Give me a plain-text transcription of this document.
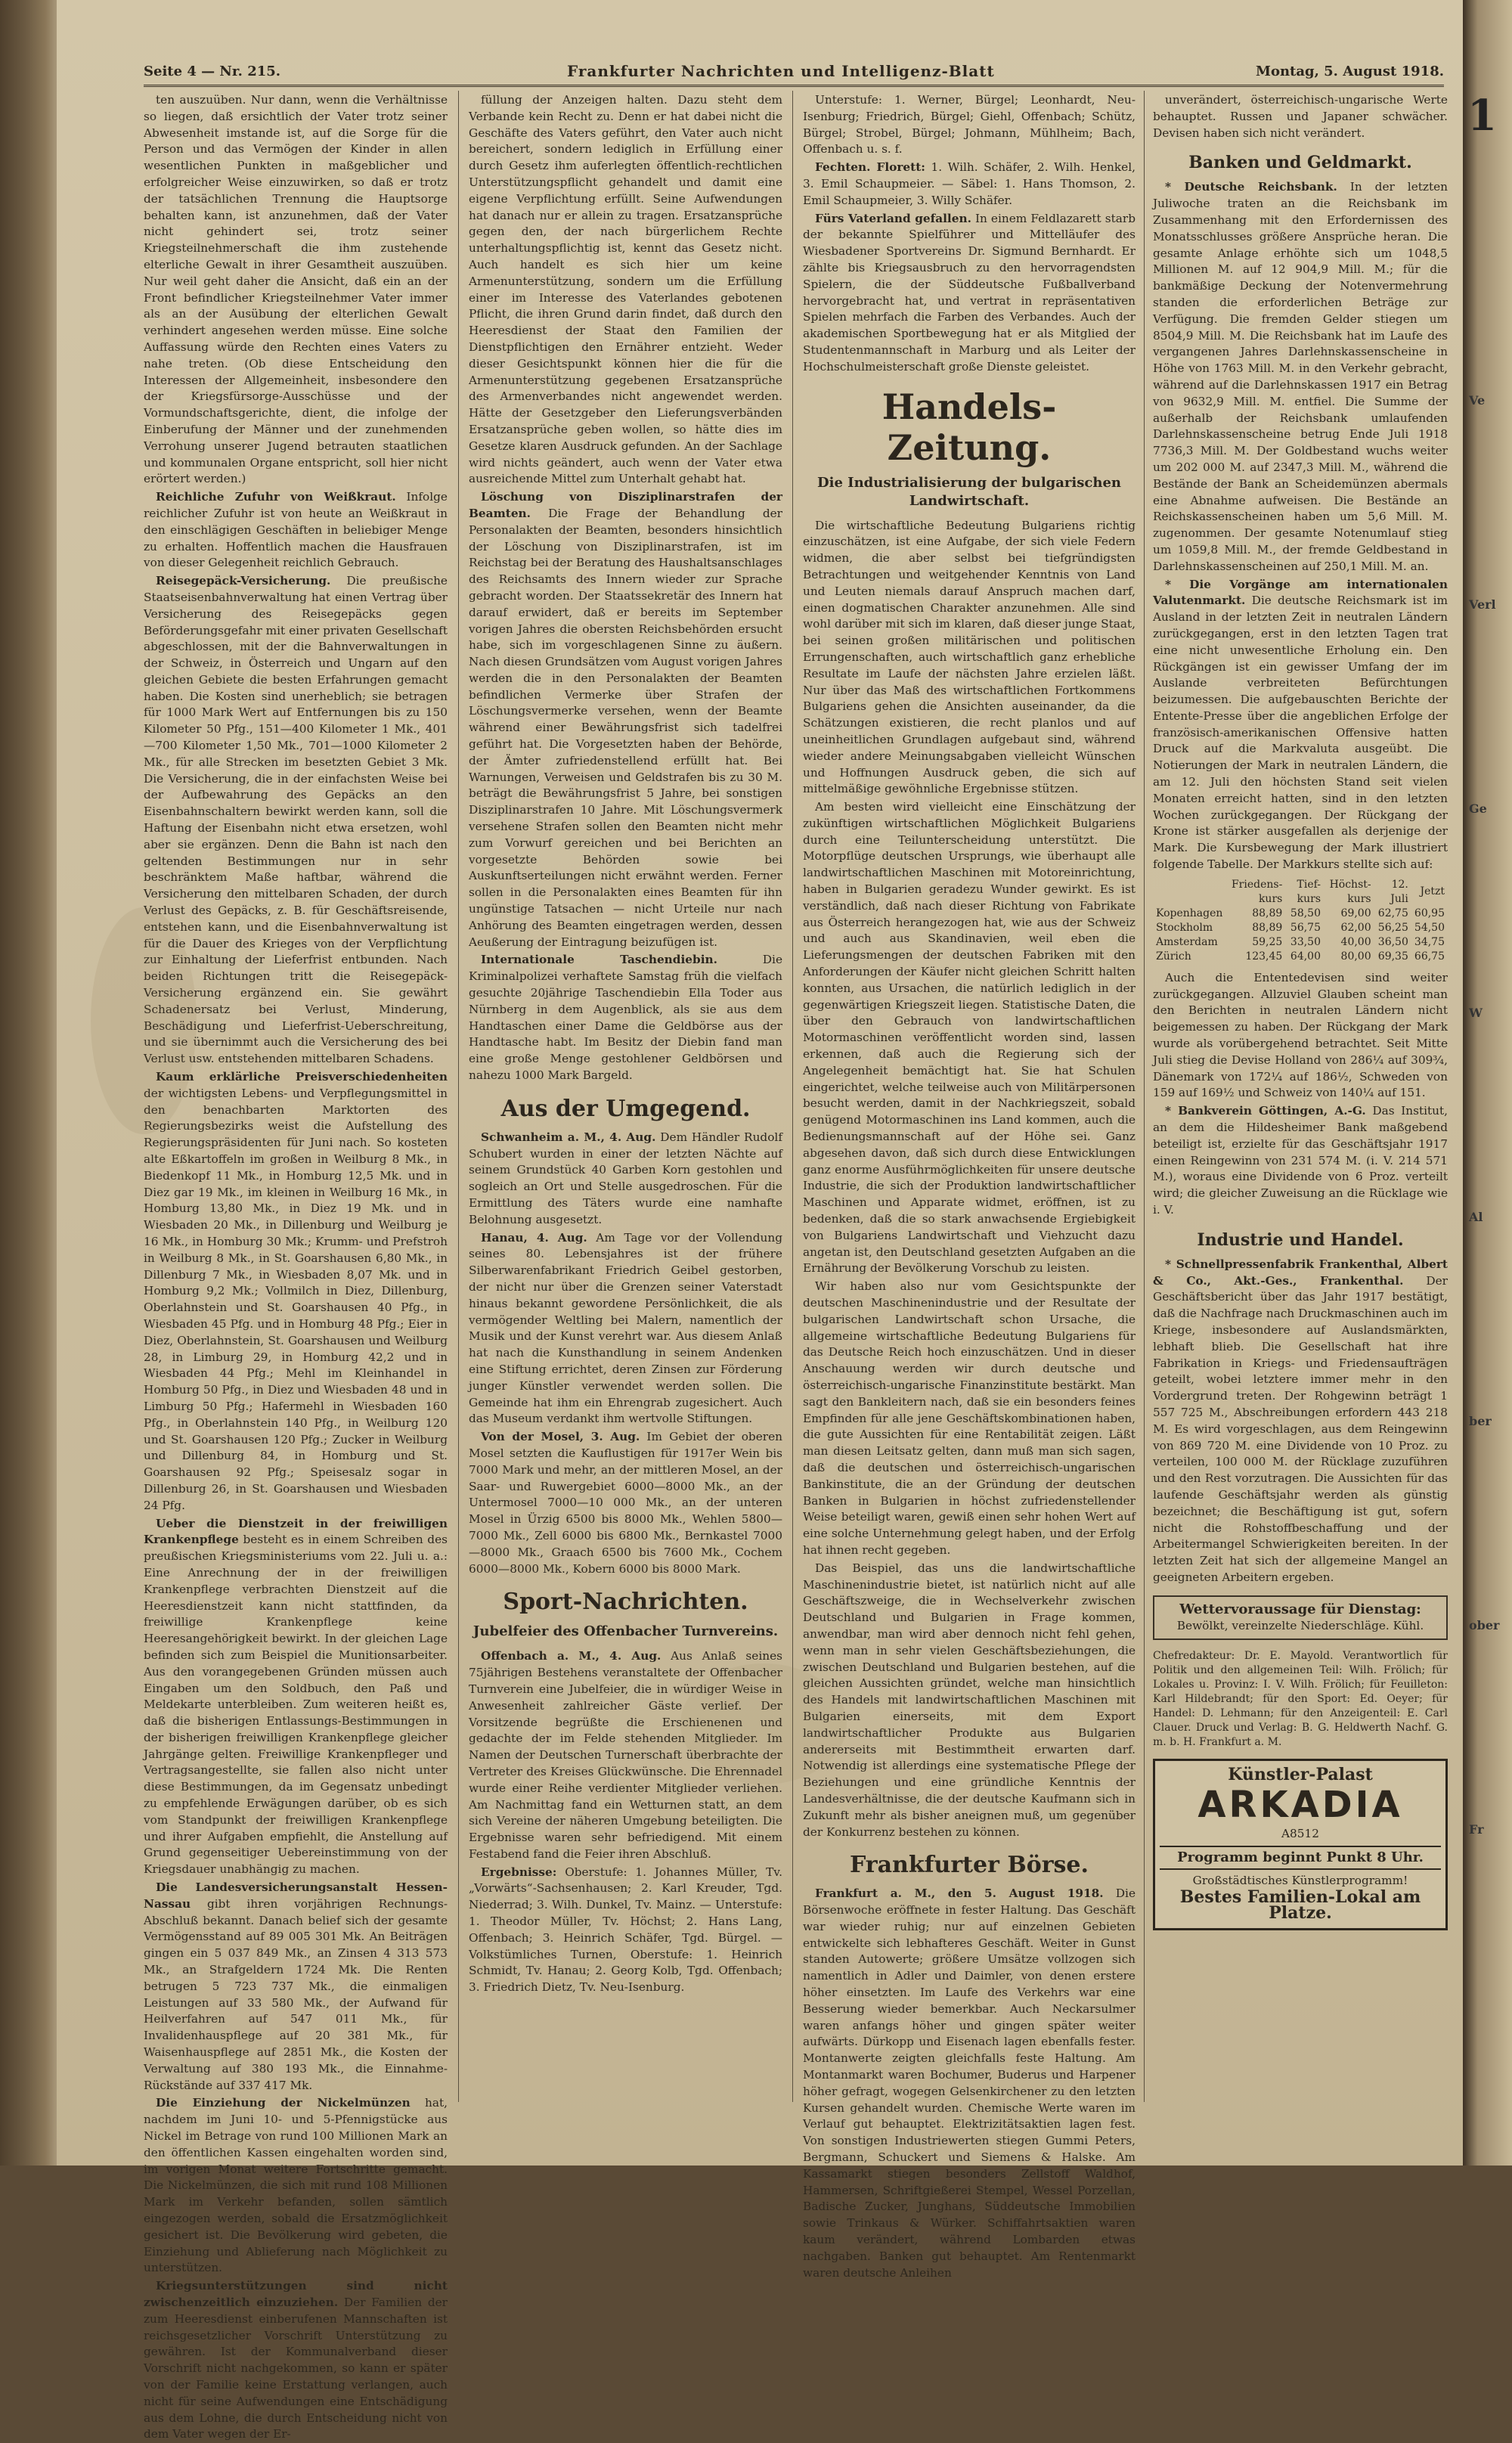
1
Ve
Verl
Ge
W
Al
ber
ober
Fr
Seite 4 — Nr. 215.	Frankfurter Nachrichten und Intelligenz-Blatt	Montag, 5. August 1918.

ten auszuüben. Nur dann, wenn die Verhältnisse so liegen, daß ersichtlich der Vater trotz seiner Abwesenheit imstande ist, auf die Sorge für die Person und das Vermögen der Kinder in allen wesentlichen Punkten in maßgeblicher und erfolgreicher Weise einzuwirken, so daß er trotz der tatsächlichen Trennung die Hauptsorge behalten kann, ist anzunehmen, daß der Vater nicht gehindert sei, trotz seiner Kriegsteilnehmerschaft die ihm zustehende elterliche Gewalt in ihrer Gesamtheit auszuüben. Nur weil geht daher die Ansicht, daß ein an der Front befindlicher Kriegsteilnehmer Vater immer als an der Ausübung der elterlichen Gewalt verhindert angesehen werden müsse. Eine solche Auffassung würde den Rechten eines Vaters zu nahe treten. (Ob diese Entscheidung den Interessen der Allgemeinheit, insbesondere den der Kriegsfürsorge-Ausschüsse und der Vormundschaftsgerichte, dient, die infolge der Einberufung der Männer und der zunehmenden Verrohung unserer Jugend betrauten staatlichen und kommunalen Organe entspricht, soll hier nicht erörtert werden.)

Reichliche Zufuhr von Weißkraut. Infolge reichlicher Zufuhr ist von heute an Weißkraut in den einschlägigen Geschäften in beliebiger Menge zu erhalten. Hoffentlich machen die Hausfrauen von dieser Gelegenheit reichlich Gebrauch.

Reisegepäck-Versicherung. Die preußische Staatseisenbahnverwaltung hat einen Vertrag über Versicherung des Reisegepäcks gegen Beförderungsgefahr mit einer privaten Gesellschaft abgeschlossen, mit der die Bahnverwaltungen in der Schweiz, in Österreich und Ungarn auf den gleichen Gebiete die besten Erfahrungen gemacht haben. Die Kosten sind unerheblich; sie betragen für 1000 Mark Wert auf Entfernungen bis zu 150 Kilometer 50 Pfg., 151—400 Kilometer 1 Mk., 401—700 Kilometer 1,50 Mk., 701—1000 Kilometer 2 Mk., für alle Strecken im besetzten Gebiet 3 Mk. Die Versicherung, die in der einfachsten Weise bei der Aufbewahrung des Gepäcks an den Eisenbahnschaltern bewirkt werden kann, soll die Haftung der Eisenbahn nicht etwa ersetzen, wohl aber sie ergänzen. Denn die Bahn ist nach den geltenden Bestimmungen nur in sehr beschränktem Maße haftbar, während die Versicherung den mittelbaren Schaden, der durch Verlust des Gepäcks, z. B. für Geschäftsreisende, entstehen kann, und die Eisenbahnverwaltung ist für die Dauer des Krieges von der Verpflichtung zur Einhaltung der Lieferfrist entbunden. Nach beiden Richtungen tritt die Reisegepäck-Versicherung ergänzend ein. Sie gewährt Schadenersatz bei Verlust, Minderung, Beschädigung und Lieferfrist-Ueberschreitung, und sie übernimmt auch die Versicherung des bei Verlust usw. entstehenden mittelbaren Schadens.

Kaum erklärliche Preisverschiedenheiten der wichtigsten Lebens- und Verpflegungsmittel in den benachbarten Marktorten des Regierungsbezirks weist die Aufstellung des Regierungspräsidenten für Juni nach. So kosteten alte Eßkartoffeln im großen in Weilburg 8 Mk., in Biedenkopf 11 Mk., in Homburg 12,5 Mk. und in Diez gar 19 Mk., im kleinen in Weilburg 16 Mk., in Homburg 13,80 Mk., in Diez 19 Mk. und in Wiesbaden 20 Mk., in Dillenburg und Weilburg je 16 Mk., in Homburg 30 Mk.; Krumm- und Prefstroh in Weilburg 8 Mk., in St. Goarshausen 6,80 Mk., in Dillenburg 7 Mk., in Wiesbaden 8,07 Mk. und in Homburg 9,2 Mk.; Vollmilch in Diez, Dillenburg, Oberlahnstein und St. Goarshausen 40 Pfg., in Wiesbaden 45 Pfg. und in Homburg 48 Pfg.; Eier in Diez, Oberlahnstein, St. Goarshausen und Weilburg 28, in Limburg 29, in Homburg 42,2 und in Wiesbaden 44 Pfg.; Mehl im Kleinhandel in Homburg 50 Pfg., in Diez und Wiesbaden 48 und in Limburg 50 Pfg.; Hafermehl in Wiesbaden 160 Pfg., in Oberlahnstein 140 Pfg., in Weilburg 120 und St. Goarshausen 120 Pfg.; Zucker in Weilburg und Dillenburg 84, in Homburg und St. Goarshausen 92 Pfg.; Speisesalz sogar in Dillenburg 26, in St. Goarshausen und Wiesbaden 24 Pfg.

Ueber die Dienstzeit in der freiwilligen Krankenpflege besteht es in einem Schreiben des preußischen Kriegsministeriums vom 22. Juli u. a.: Eine Anrechnung der in der freiwilligen Krankenpflege verbrachten Dienstzeit auf die Heeresdienstzeit kann nicht stattfinden, da freiwillige Krankenpflege keine Heeresangehörigkeit bewirkt. In der gleichen Lage befinden sich zum Beispiel die Munitionsarbeiter. Aus den vorangegebenen Gründen müssen auch Eingaben um den Soldbuch, den Paß und Meldekarte unterbleiben. Zum weiteren heißt es, daß die bisherigen Entlassungs-Bestimmungen in der bisherigen freiwilligen Krankenpflege gleicher Jahrgänge gelten. Freiwillige Krankenpfleger und Vertragsangestellte, sie fallen also nicht unter diese Bestimmungen, da im Gegensatz unbedingt zu empfehlende Erwägungen darüber, ob es sich vom Standpunkt der freiwilligen Krankenpflege und ihrer Aufgaben empfiehlt, die Anstellung auf Grund gegenseitiger Uebereinstimmung von der Kriegsdauer unabhängig zu machen.

Die Landesversicherungsanstalt Hessen-Nassau gibt ihren vorjährigen Rechnungs-Abschluß bekannt. Danach belief sich der gesamte Vermögensstand auf 89 005 301 Mk. An Beiträgen gingen ein 5 037 849 Mk., an Zinsen 4 313 573 Mk., an Strafgeldern 1724 Mk. Die Renten betrugen 5 723 737 Mk., die einmaligen Leistungen auf 33 580 Mk., der Aufwand für Heilverfahren auf 547 011 Mk., für Invalidenhauspflege auf 20 381 Mk., für Waisenhauspflege auf 2851 Mk., die Kosten der Verwaltung auf 380 193 Mk., die Einnahme-Rückstände auf 337 417 Mk.

Die Einziehung der Nickelmünzen hat, nachdem im Juni 10- und 5-Pfennigstücke aus Nickel im Betrage von rund 100 Millionen Mark an den öffentlichen Kassen eingehalten worden sind, im vorigen Monat weitere Fortschritte gemacht. Die Nickelmünzen, die sich mit rund 108 Millionen Mark im Verkehr befanden, sollen sämtlich eingezogen werden, sobald die Ersatzmöglichkeit gesichert ist. Die Bevölkerung wird gebeten, die Einziehung und Ablieferung nach Möglichkeit zu unterstützen.

Kriegsunterstützungen sind nicht zwischenzeitlich einzuziehen. Der Familien der zum Heeresdienst einberufenen Mannschaften ist reichsgesetzlicher Vorschrift Unterstützung zu gewähren. Ist der Kommunalverband dieser Vorschrift nicht nachgekommen, so kann er später von der Familie keine Erstattung verlangen, auch nicht für seine Aufwendungen eine Entschädigung aus dem Lohne, die durch Entscheidung nicht von dem Vater wegen der Er-

füllung der Anzeigen halten. Dazu steht dem Verbande kein Recht zu. Denn er hat dabei nicht die Geschäfte des Vaters geführt, den Vater auch nicht bereichert, sondern lediglich in Erfüllung einer durch Gesetz ihm auferlegten öffentlich-rechtlichen Unterstützungspflicht gehandelt und damit eine eigene Verpflichtung erfüllt. Seine Aufwendungen hat danach nur er allein zu tragen. Ersatzansprüche gegen den, der nach bürgerlichem Rechte unterhaltungspflichtig ist, kennt das Gesetz nicht. Auch handelt es sich hier um keine Armenunterstützung, sondern um die Erfüllung einer im Interesse des Vaterlandes gebotenen Pflicht, die ihren Grund darin findet, daß durch den Heeresdienst der Staat den Familien der Dienstpflichtigen den Ernährer entzieht. Weder dieser Gesichtspunkt können hier die für die Armenunterstützung gegebenen Ersatzansprüche des Armenverbandes nicht angewendet werden. Hätte der Gesetzgeber den Lieferungsverbänden Ersatzansprüche geben wollen, so hätte dies im Gesetze klaren Ausdruck gefunden. An der Sachlage wird nichts geändert, auch wenn der Vater etwa ausreichende Mittel zum Unterhalt gehabt hat.

Löschung von Disziplinarstrafen der Beamten. Die Frage der Behandlung der Personalakten der Beamten, besonders hinsichtlich der Löschung von Disziplinarstrafen, ist im Reichstag bei der Beratung des Haushaltsanschlages des Reichsamts des Innern wieder zur Sprache gebracht worden. Der Staatssekretär des Innern hat darauf erwidert, daß er bereits im September vorigen Jahres die obersten Reichsbehörden ersucht habe, sich im vorgeschlagenen Sinne zu äußern. Nach diesen Grundsätzen vom August vorigen Jahres werden die in den Personalakten der Beamten befindlichen Vermerke über Strafen der Löschungsvermerke versehen, wenn der Beamte während einer Bewährungsfrist sich tadelfrei geführt hat. Die Vorgesetzten haben der Behörde, der Ämter zufriedenstellend erfüllt hat. Bei Warnungen, Verweisen und Geldstrafen bis zu 30 M. beträgt die Bewährungsfrist 5 Jahre, bei sonstigen Disziplinarstrafen 10 Jahre. Mit Löschungsvermerk versehene Strafen sollen den Beamten nicht mehr zum Vorwurf gereichen und bei Berichten an vorgesetzte Behörden sowie bei Auskunftserteilungen nicht erwähnt werden. Ferner sollen in die Personalakten eines Beamten für ihn ungünstige Tatsachen — nicht Urteile nur nach Anhörung des Beamten eingetragen werden, dessen Aeußerung der Eintragung beizufügen ist.

Internationale Taschendiebin.	Die Kriminalpolizei verhaftete Samstag früh die vielfach gesuchte 20jährige Taschendiebin Ella Toder aus Nürnberg in dem Augenblick, als sie aus dem Handtaschen einer Dame die Geldbörse aus der Handtasche habt. Im Besitz der Diebin fand man eine große Menge gestohlener Geldbörsen und nahezu 1000 Mark Bargeld.

Aus der Umgegend.

Schwanheim a. M., 4. Aug. Dem Händler Rudolf Schubert wurden in einer der letzten Nächte auf seinem Grundstück 40 Garben Korn gestohlen und sogleich an Ort und Stelle ausgedroschen. Für die Ermittlung des Täters wurde eine namhafte Belohnung ausgesetzt.

Hanau, 4. Aug. Am Tage vor der Vollendung seines 80. Lebensjahres ist der frühere Silberwarenfabrikant Friedrich Geibel gestorben, der nicht nur über die Grenzen seiner Vaterstadt hinaus bekannt gewordene Persönlichkeit, die als vermögender Weltling bei Malern, namentlich der Musik und der Kunst verehrt war. Aus diesem Anlaß hat nach die Kunsthandlung in seinem Andenken eine Stiftung errichtet, deren Zinsen zur Förderung junger Künstler verwendet werden sollen. Die Gemeinde hat ihm ein Ehrengrab zugesichert. Auch das Museum verdankt ihm wertvolle Stiftungen.

Von der Mosel, 3. Aug. Im Gebiet der oberen Mosel setzten die Kauflustigen für 1917er Wein bis 7000 Mark und mehr, an der mittleren Mosel, an der Saar- und Ruwergebiet 6000—8000 Mk., an der Untermosel 7000—10 000 Mk., an der unteren Mosel in Ürzig 6500 bis 8000 Mk., Wehlen 5800—7000 Mk., Zell 6000 bis 6800 Mk., Bernkastel 7000—8000 Mk., Graach 6500 bis 7600 Mk., Cochem 6000—8000 Mk., Kobern 6000 bis 8000 Mark.

Sport-Nachrichten.
Jubelfeier des Offenbacher Turnvereins.

Offenbach a. M., 4. Aug. Aus Anlaß seines 75jährigen Bestehens veranstaltete der Offenbacher Turnverein eine Jubelfeier, die in würdiger Weise in Anwesenheit zahlreicher Gäste verlief. Der Vorsitzende begrüßte die Erschienenen und gedachte der im Felde stehenden Mitglieder. Im Namen der Deutschen Turnerschaft überbrachte der Vertreter des Kreises Glückwünsche. Die Ehrennadel wurde einer Reihe verdienter Mitglieder verliehen. Am Nachmittag fand ein Wetturnen statt, an dem sich Vereine der näheren Umgebung beteiligten. Die Ergebnisse waren sehr befriedigend. Mit einem Festabend fand die Feier ihren Abschluß.

Ergebnisse: Oberstufe: 1. Johannes Müller, Tv. „Vorwärts“-Sachsenhausen; 2. Karl Kreuder, Tgd. Niederrad; 3. Wilh. Dunkel, Tv. Mainz. — Unterstufe: 1. Theodor Müller, Tv. Höchst; 2. Hans Lang, Offenbach; 3. Heinrich Schäfer, Tgd. Bürgel. — Volkstümliches Turnen, Oberstufe: 1. Heinrich Schmidt, Tv. Hanau; 2. Georg Kolb, Tgd. Offenbach; 3. Friedrich Dietz, Tv. Neu-Isenburg.

Unterstufe: 1. Werner, Bürgel; Leonhardt, Neu-Isenburg; Friedrich, Bürgel; Giehl, Offenbach; Schütz, Bürgel; Strobel, Bürgel; Johmann, Mühlheim; Bach, Offenbach u. s. f.

Fechten. Florett: 1. Wilh. Schäfer, 2. Wilh. Henkel, 3. Emil Schaupmeier. — Säbel: 1. Hans Thomson, 2. Emil Schaupmeier, 3. Willy Schäfer.

Fürs Vaterland gefallen. In einem Feldlazarett starb der bekannte Spielführer und Mittelläufer des Wiesbadener Sportvereins Dr. Sigmund Bernhardt. Er zählte bis Kriegsausbruch zu den hervorragendsten Spielern, die der Süddeutsche Fußballverband hervorgebracht hat, und vertrat in repräsentativen Spielen mehrfach die Farben des Verbandes. Auch der akademischen Sportbewegung hat er als Mitglied der Studentenmannschaft in Marburg und als Leiter der Hochschulmeisterschaft große Dienste geleistet.

Handels-Zeitung.
Die Industrialisierung der bulgarischen Landwirtschaft.

Die wirtschaftliche Bedeutung Bulgariens richtig einzuschätzen, ist eine Aufgabe, der sich viele Federn widmen, die aber selbst bei tiefgründigsten Betrachtungen und weitgehender Kenntnis von Land und Leuten niemals darauf Anspruch machen darf, einen dogmatischen Charakter anzunehmen. Alle sind wohl darüber mit sich im klaren, daß dieser junge Staat, bei seinen großen militärischen und politischen Errungenschaften, auch wirtschaftlich ganz erhebliche Resultate im Laufe der nächsten Jahre erzielen läßt. Nur über das Maß des wirtschaftlichen Fortkommens Bulgariens gehen die Ansichten auseinander, da die Schätzungen existieren, die recht planlos und auf uneinheitlichen Grundlagen aufgebaut sind, während wieder andere Meinungsabgaben vielleicht Wünschen und Hoffnungen Ausdruck geben, die sich auf mittelmäßige gewöhnliche Ergebnisse stützen.

Am besten wird vielleicht eine Einschätzung der zukünftigen wirtschaftlichen Möglichkeit Bulgariens durch eine Teilunterscheidung unterstützt. Die Motorpflüge deutschen Ursprungs, wie überhaupt alle landwirtschaftlichen Maschinen mit Motoreinrichtung, haben in Bulgarien geradezu Wunder gewirkt. Es ist verständlich, daß nach dieser Richtung von Fabrikate aus Österreich herangezogen hat, wie aus der Schweiz und auch aus Skandinavien, weil eben die Lieferungsmengen der deutschen Fabriken mit den Anforderungen der Käufer nicht gleichen Schritt halten konnten, aus Ursachen, die natürlich lediglich in der gegenwärtigen Kriegszeit liegen. Statistische Daten, die über den Gebrauch von landwirtschaftlichen Motormaschinen veröffentlicht worden sind, lassen erkennen, daß auch die Regierung sich der Angelegenheit bemächtigt hat. Sie hat Schulen eingerichtet, welche teilweise auch von Militärpersonen besucht werden, damit in der Nachkriegszeit, sobald genügend Motormaschinen ins Land kommen, auch die Bedienungsmannschaft auf der Höhe sei. Ganz abgesehen davon, daß sich durch diese Entwicklungen ganz enorme Ausführmöglichkeiten für unsere deutsche Industrie, die sich der Produktion landwirtschaftlicher Maschinen und Apparate widmet, eröffnen, ist zu bedenken, daß die so stark anwachsende Ergiebigkeit von Bulgariens Landwirtschaft und Viehzucht dazu angetan ist, den Deutschland gesetzten Aufgaben an die Ernährung der Bevölkerung Vorschub zu leisten.

Wir haben also nur vom Gesichtspunkte der deutschen Maschinenindustrie und der Resultate der bulgarischen Landwirtschaft schon Ursache, die allgemeine wirtschaftliche Bedeutung Bulgariens für das Deutsche Reich hoch einzuschätzen. Und in dieser Anschauung werden wir durch deutsche und österreichisch-ungarische Finanzinstitute bestärkt. Man sagt den Bankleitern nach, daß sie ein besonders feines Empfinden für alle jene Geschäftskombinationen haben, die gute Aussichten für eine Rentabilität zeigen. Läßt man diesen Leitsatz gelten, dann muß man sich sagen, daß die deutschen und österreichisch-ungarischen Bankinstitute, die an der Gründung der deutschen Banken in Bulgarien in höchst zufriedenstellender Weise beteiligt waren, gewiß einen sehr hohen Wert auf eine solche Unternehmung gelegt haben, und der Erfolg hat ihnen recht gegeben.

Das Beispiel, das uns die landwirtschaftliche Maschinenindustrie bietet, ist natürlich nicht auf alle Geschäftszweige, die in Wechselverkehr zwischen Deutschland und Bulgarien in Frage kommen, anwendbar, man wird aber dennoch nicht fehl gehen, wenn man in sehr vielen Geschäftsbeziehungen, die zwischen Deutschland und Bulgarien bestehen, auf die gleichen Aussichten gründet, welche man hinsichtlich des Handels mit landwirtschaftlichen Maschinen mit Bulgarien einerseits, mit dem Export landwirtschaftlicher Produkte aus Bulgarien andererseits mit Bestimmtheit erwarten darf. Notwendig ist allerdings eine systematische Pflege der Beziehungen und eine gründliche Kenntnis der Landesverhältnisse, die der deutsche Kaufmann sich in Zukunft mehr als bisher aneignen muß, um gegenüber der Konkurrenz bestehen zu können.

Frankfurter Börse.

Frankfurt a. M., den 5. August 1918. Die Börsenwoche eröffnete in fester Haltung. Das Geschäft war wieder ruhig; nur auf einzelnen Gebieten entwickelte sich lebhafteres Geschäft. Weiter in Gunst standen Autowerte; größere Umsätze vollzogen sich namentlich in Adler und Daimler, von denen erstere höher einsetzten. Im Laufe des Verkehrs war eine Besserung wieder bemerkbar. Auch Neckarsulmer waren anfangs höher und gingen später weiter aufwärts. Dürkopp und Eisenach lagen ebenfalls fester. Montanwerte zeigten gleichfalls feste Haltung. Am Montanmarkt waren Bochumer, Buderus und Harpener höher gefragt, wogegen Gelsenkirchener zu den letzten Kursen gehandelt wurden. Chemische Werte waren im Verlauf gut behauptet. Elektrizitätsaktien lagen fest. Von sonstigen Industriewerten stiegen Gummi Peters, Bergmann, Schuckert und Siemens & Halske. Am Kassamarkt stiegen besonders Zellstoff Waldhof, Hammersen, Schriftgießerei Stempel, Wessel Porzellan, Badische Zucker, Junghans, Süddeutsche Immobilien sowie Trinkaus & Würker. Schiffahrtsaktien waren kaum verändert, während Lombarden etwas nachgaben. Banken gut behauptet. Am Rentenmarkt waren deutsche Anleihen

unverändert, österreichisch-ungarische Werte behauptet. Russen und Japaner schwächer. Devisen haben sich nicht verändert.

Banken und Geldmarkt.

* Deutsche Reichsbank. In der letzten Juliwoche traten an die Reichsbank im Zusammenhang mit den Erfordernissen des Monatsschlusses größere Ansprüche heran. Die gesamte Anlage erhöhte sich um 1048,5 Millionen M. auf 12 904,9 Mill. M.; für die bankmäßige Deckung der Notenvermehrung standen die erforderlichen Beträge zur Verfügung. Die fremden Gelder stiegen um 8504,9 Mill. M. Die Reichsbank hat im Laufe des vergangenen Jahres Darlehnskassenscheine in Höhe von 1763 Mill. M. in den Verkehr gebracht, während auf die Darlehnskassen 1917 ein Betrag von 9632,9 Mill. M. entfiel. Die Summe der außerhalb der Reichsbank umlaufenden Darlehnskassenscheine betrug Ende Juli 1918 7736,3 Mill. M. Der Goldbestand wuchs weiter um 202 000 M. auf 2347,3 Mill. M., während die Bestände der Bank an Scheidemünzen abermals eine Abnahme aufweisen. Die Bestände an Reichskassenscheinen haben um 5,6 Mill. M. zugenommen. Der gesamte Notenumlauf stieg um 1059,8 Mill. M., der fremde Geldbestand in Darlehnskassenscheinen auf 250,1 Mill. M. an.

* Die Vorgänge am internationalen Valutenmarkt. Die deutsche Reichsmark ist im Ausland in der letzten Zeit in neutralen Ländern zurückgegangen, erst in den letzten Tagen trat eine nicht unwesentliche Erholung ein. Den Rückgängen ist ein gewisser Umfang der im Auslande verbreiteten Befürchtungen beizumessen. Die aufgebauschten Berichte der Entente-Presse über die angeblichen Erfolge der französisch-amerikanischen Offensive hatten Druck auf die Markvaluta ausgeübt. Die Notierungen der Mark in neutralen Ländern, die am 12. Juli den höchsten Stand seit vielen Monaten erreicht hatten, sind in den letzten Wochen zurückgegangen. Der Rückgang der Krone ist stärker ausgefallen als derjenige der Mark. Die Kursbewegung der Mark illustriert folgende Tabelle. Der Markkurs stellte sich auf:

	Friedens-kurs	Tief-kurs	Höchst-kurs	12. Juli	Jetzt
Kopenhagen	88,89	58,50	69,00	62,75	60,95
Stockholm	88,89	56,75	62,00	56,25	54,50
Amsterdam	59,25	33,50	40,00	36,50	34,75
Zürich	123,45	64,00	80,00	69,35	66,75

Auch die Ententedevisen sind weiter zurückgegangen. Allzuviel Glauben scheint man den Berichten in neutralen Ländern nicht beigemessen zu haben. Der Rückgang der Mark wurde als vorübergehend betrachtet. Seit Mitte Juli stieg die Devise Holland von 286¼ auf 309¾, Dänemark von 172¼ auf 186½, Schweden von 159 auf 169½ und Schweiz von 140¼ auf 151.

* Bankverein Göttingen, A.-G. Das Institut, an dem die Hildesheimer Bank maßgebend beteiligt ist, erzielte für das Geschäftsjahr 1917 einen Reingewinn von 231 574 M. (i. V. 214 571 M.), woraus eine Dividende von 6 Proz. verteilt wird; die gleicher Zuweisung an die Rücklage wie i. V.

Industrie und Handel.

* Schnellpressenfabrik Frankenthal, Albert & Co., Akt.-Ges., Frankenthal. Der Geschäftsbericht über das Jahr 1917 bestätigt, daß die Nachfrage nach Druckmaschinen auch im Kriege, insbesondere auf Auslandsmärkten, lebhaft blieb. Die Gesellschaft hat ihre Fabrikation in Kriegs- und Friedensaufträgen geteilt, wobei letztere immer mehr in den Vordergrund treten. Der Rohgewinn beträgt 1 557 725 M., Abschreibungen erfordern 443 218 M. Es wird vorgeschlagen, aus dem Reingewinn von 869 720 M. eine Dividende von 10 Proz. zu verteilen, 100 000 M. der Rücklage zuzuführen und den Rest vorzutragen. Die Aussichten für das laufende Geschäftsjahr werden als günstig bezeichnet; die Beschäftigung ist gut, sofern nicht die Rohstoffbeschaffung und der Arbeitermangel Schwierigkeiten bereiten. In der letzten Zeit hat sich der allgemeine Mangel an geeigneten Arbeitern ergeben.

Wettervoraussage für Dienstag:
Bewölkt, vereinzelte Niederschläge. Kühl.
Chefredakteur: Dr. E. Mayold. Verantwortlich für Politik und den allgemeinen Teil: Wilh. Frölich; für Lokales u. Provinz: I. V. Wilh. Frölich; für Feuilleton: Karl Hildebrandt; für den Sport: Ed. Oeyer; für Handel: D. Lehmann; für den Anzeigenteil: E. Carl Clauer. Druck und Verlag: B. G. Heldwerth Nachf. G. m. b. H. Frankfurt a. M.
Künstler-Palast
ARKADIA
A8512
Programm beginnt Punkt 8 Uhr.
Großstädtisches Künstlerprogramm!
Bestes Familien-Lokal am Platze.
